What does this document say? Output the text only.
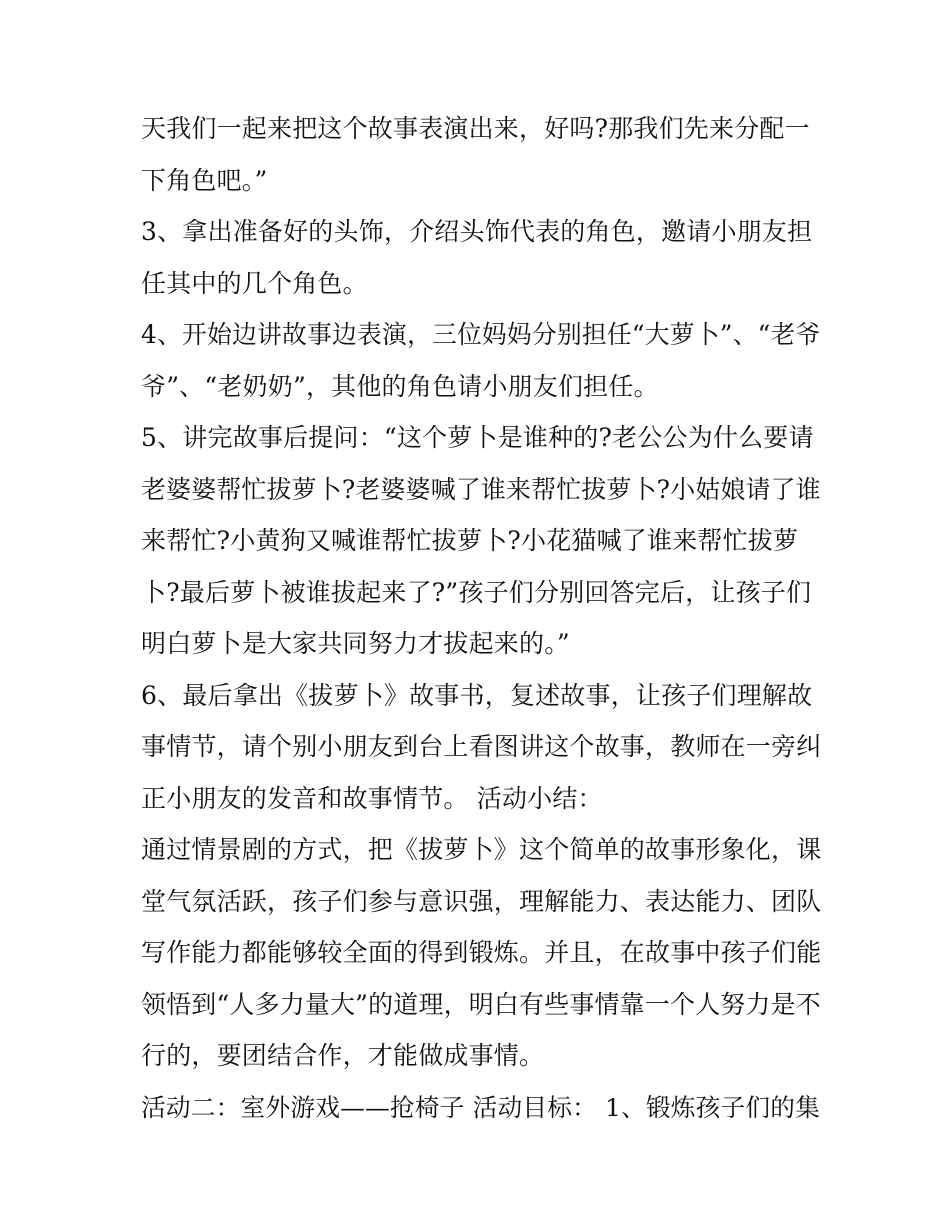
天我们一起来把这个故事表演出来，好吗?那我们先来分配一
下角色吧。”
3、拿出准备好的头饰，介绍头饰代表的角色，邀请小朋友担
任其中的几个角色。
4、开始边讲故事边表演，三位妈妈分别担任“大萝卜”、“老爷
爷”、“老奶奶”，其他的角色请小朋友们担任。
5、讲完故事后提问：“这个萝卜是谁种的?老公公为什么要请
老婆婆帮忙拔萝卜?老婆婆喊了谁来帮忙拔萝卜?小姑娘请了谁
来帮忙?小黄狗又喊谁帮忙拔萝卜?小花猫喊了谁来帮忙拔萝
卜?最后萝卜被谁拔起来了?”孩子们分别回答完后，让孩子们
明白萝卜是大家共同努力才拔起来的。”
6、最后拿出《拔萝卜》故事书，复述故事，让孩子们理解故
事情节，请个别小朋友到台上看图讲这个故事，教师在一旁纠
正小朋友的发音和故事情节。 活动小结：
通过情景剧的方式，把《拔萝卜》这个简单的故事形象化，课
堂气氛活跃，孩子们参与意识强，理解能力、表达能力、团队
写作能力都能够较全面的得到锻炼。并且，在故事中孩子们能
领悟到“人多力量大”的道理，明白有些事情靠一个人努力是不
行的，要团结合作，才能做成事情。
活动二：室外游戏——抢椅子 活动目标： 1、锻炼孩子们的集
